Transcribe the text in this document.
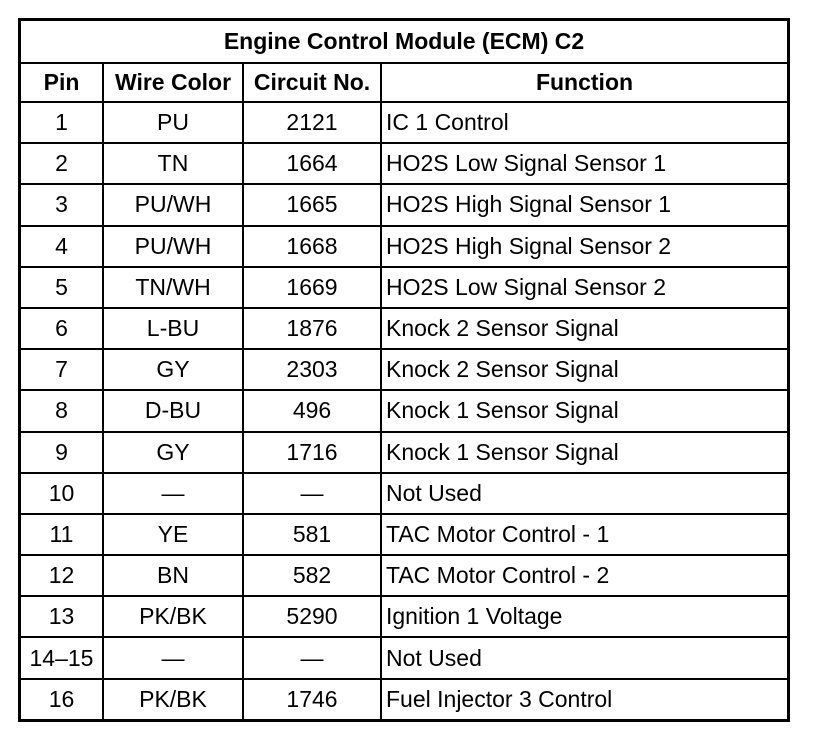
Engine Control Module (ECM) C2			
Pin	Wire Color	Circuit No.	Function
1	PU	2121	IC 1 Control
2	TN	1664	HO2S Low Signal Sensor 1
3	PU/WH	1665	HO2S High Signal Sensor 1
4	PU/WH	1668	HO2S High Signal Sensor 2
5	TN/WH	1669	HO2S Low Signal Sensor 2
6	L-BU	1876	Knock 2 Sensor Signal
7	GY	2303	Knock 2 Sensor Signal
8	D-BU	496	Knock 1 Sensor Signal
9	GY	1716	Knock 1 Sensor Signal
10	—	—	Not Used
11	YE	581	TAC Motor Control - 1
12	BN	582	TAC Motor Control - 2
13	PK/BK	5290	Ignition 1 Voltage
14–15	—	—	Not Used
16	PK/BK	1746	Fuel Injector 3 Control
